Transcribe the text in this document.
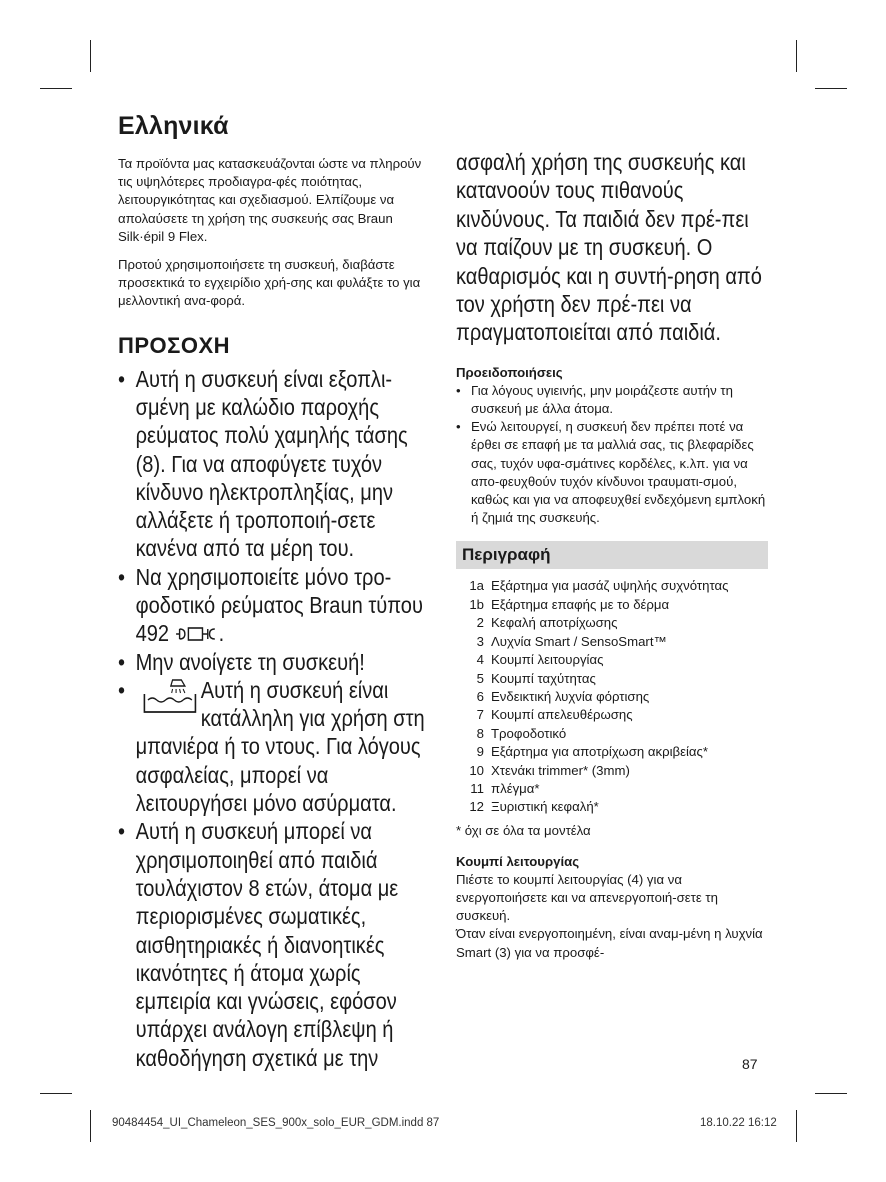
Ελληνικά

Τα προϊόντα μας κατασκευάζονται ώστε να πληρούν τις υψηλότερες προδιαγρα-φές ποιότητας, λειτουργικότητας και σχεδιασμού. Ελπίζουμε να απολαύσετε τη χρήση της συσκευής σας Braun Silk·épil 9 Flex.

Προτού χρησιμοποιήσετε τη συσκευή, διαβάστε προσεκτικά το εγχειρίδιο χρή-σης και φυλάξτε το για μελλοντική ανα-φορά.

ΠΡΟΣΟΧΗ
• Αυτή η συσκευή είναι εξοπλι-σμένη με καλώδιο παροχής ρεύματος πολύ χαμηλής τάσης (8). Για να αποφύγετε τυχόν κίνδυνο ηλεκτροπληξίας, μην αλλάξετε ή τροποποιή-σετε κανένα από τα μέρη του.
• Να χρησιμοποιείτε μόνο τρο-φοδοτικό ρεύματος Braun τύπου 492 .
• Μην ανοίγετε τη συσκευή!
•	Αυτή η συσκευή είναι κατάλληλη για χρήση στη μπανιέρα ή το ντους. Για λόγους ασφαλείας, μπορεί να λειτουργήσει μόνο ασύρματα.
• Αυτή η συσκευή μπορεί να χρησιμοποιηθεί από παιδιά τουλάχιστον 8 ετών, άτομα με περιορισμένες σωματικές, αισθητηριακές ή διανοητικές ικανότητες ή άτομα χωρίς εμπειρία και γνώσεις, εφόσον υπάρχει ανάλογη επίβλεψη ή καθοδήγηση σχετικά με την

ασφαλή χρήση της συσκευής και κατανοούν τους πιθανούς κινδύνους. Τα παιδιά δεν πρέ-πει να παίζουν με τη συσκευή. Ο καθαρισμός και η συντή-ρηση από τον χρήστη δεν πρέ-πει να πραγματοποιείται από παιδιά.

Προειδοποιήσεις
• Για λόγους υγιεινής, μην μοιράζεστε αυτήν τη συσκευή με άλλα άτομα.
• Ενώ λειτουργεί, η συσκευή δεν πρέπει ποτέ να έρθει σε επαφή με τα μαλλιά σας, τις βλεφαρίδες σας, τυχόν υφα-σμάτινες κορδέλες, κ.λπ. για να απο-φευχθούν τυχόν κίνδυνοι τραυματι-σμού, καθώς και για να αποφευχθεί ενδεχόμενη εμπλοκή ή ζημιά της συσκευής.
Περιγραφή
1a	Εξάρτημα για μασάζ υψηλής συχνότητας
1b	Εξάρτημα επαφής με το δέρμα
2	Κεφαλή αποτρίχωσης
3	Λυχνία Smart / SensoSmart™
4	Κουμπί λειτουργίας
5	Κουμπί ταχύτητας
6	Ενδεικτική λυχνία φόρτισης
7	Κουμπί απελευθέρωσης
8	Τροφοδοτικό
9	Εξάρτημα για αποτρίχωση ακριβείας*
10	Χτενάκι trimmer* (3mm)
11	πλέγμα*
12	Ξυριστική κεφαλή*

* όχι σε όλα τα μοντέλα

Κουμπί λειτουργίας

Πιέστε το κουμπί λειτουργίας (4) για να ενεργοποιήσετε και να απενεργοποιή-σετε τη συσκευή.

Όταν είναι ενεργοποιημένη, είναι αναμ-μένη η λυχνία Smart (3) για να προσφέ-

87
90484454_UI_Chameleon_SES_900x_solo_EUR_GDM.indd 87	18.10.22 16:12
